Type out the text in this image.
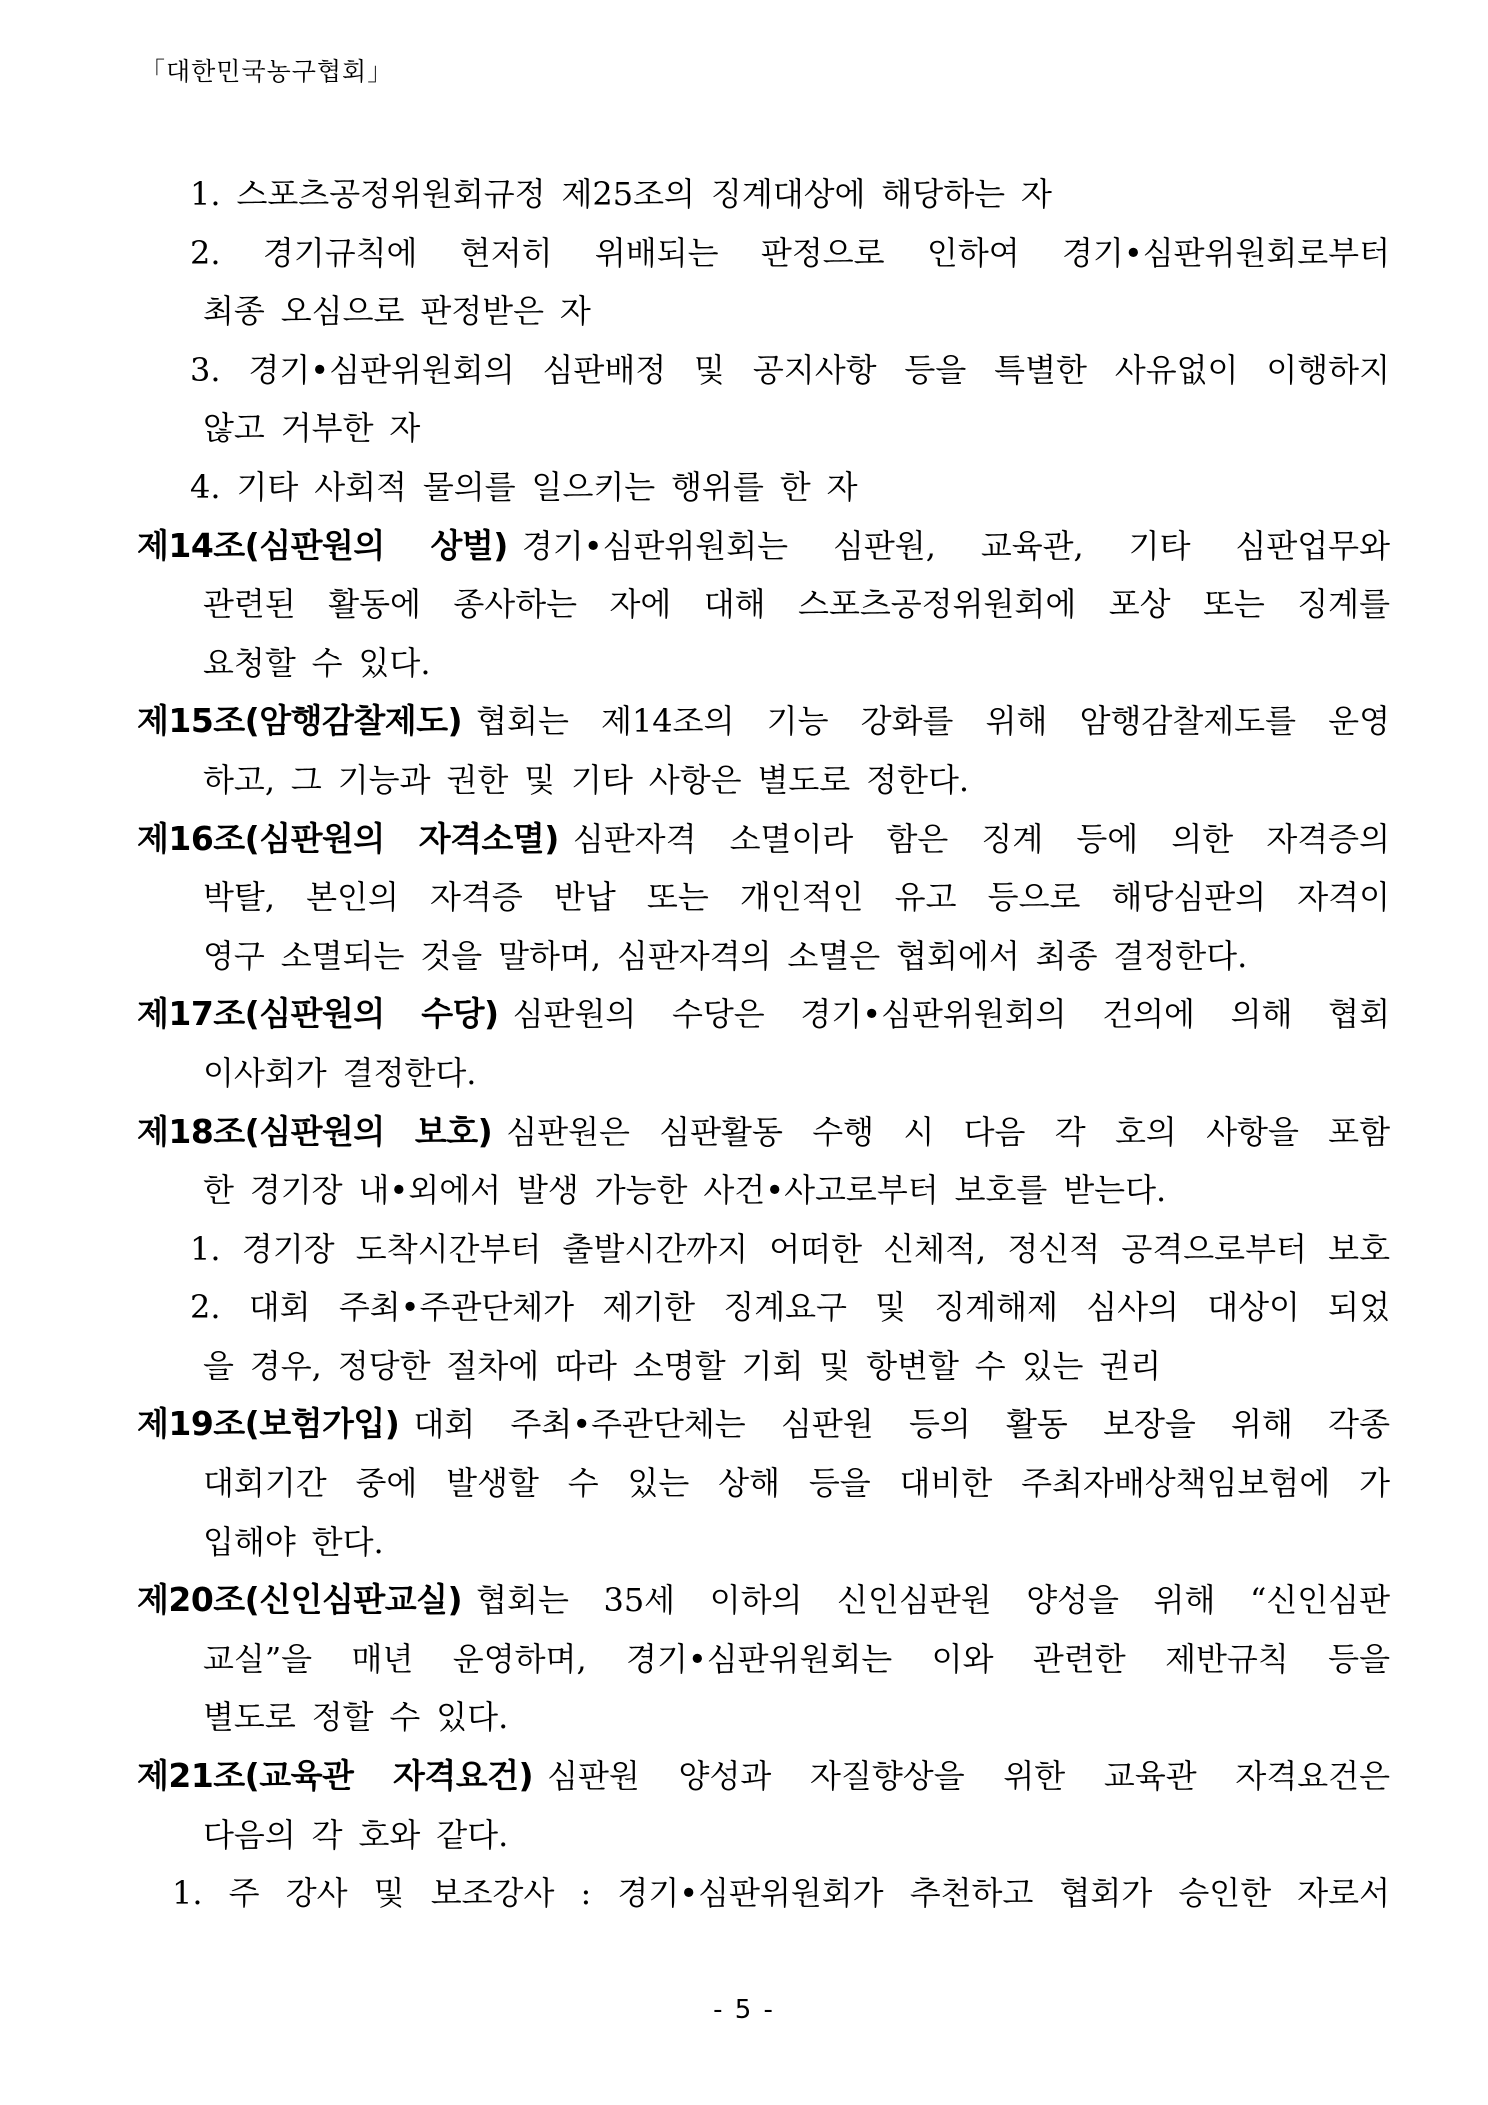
「대한민국농구협회」
1. 스포츠공정위원회규정 제25조의 징계대상에 해당하는 자
2. 경기규칙에 현저히 위배되는 판정으로 인하여 경기•심판위원회로부터
최종 오심으로 판정받은 자
3. 경기•심판위원회의 심판배정 및 공지사항 등을 특별한 사유없이 이행하지
않고 거부한 자
4. 기타 사회적 물의를 일으키는 행위를 한 자
제14조(심판원의 상벌) 경기•심판위원회는 심판원, 교육관, 기타 심판업무와
관련된 활동에 종사하는 자에 대해 스포츠공정위원회에 포상 또는 징계를
요청할 수 있다.
제15조(암행감찰제도) 협회는 제14조의 기능 강화를 위해 암행감찰제도를 운영
하고, 그 기능과 권한 및 기타 사항은 별도로 정한다.
제16조(심판원의 자격소멸) 심판자격 소멸이라 함은 징계 등에 의한 자격증의
박탈, 본인의 자격증 반납 또는 개인적인 유고 등으로 해당심판의 자격이
영구 소멸되는 것을 말하며, 심판자격의 소멸은 협회에서 최종 결정한다.
제17조(심판원의 수당) 심판원의 수당은 경기•심판위원회의 건의에 의해 협회
이사회가 결정한다.
제18조(심판원의 보호) 심판원은 심판활동 수행 시 다음 각 호의 사항을 포함
한 경기장 내•외에서 발생 가능한 사건•사고로부터 보호를 받는다.
1. 경기장 도착시간부터 출발시간까지 어떠한 신체적, 정신적 공격으로부터 보호
2. 대회 주최•주관단체가 제기한 징계요구 및 징계해제 심사의 대상이 되었
을 경우, 정당한 절차에 따라 소명할 기회 및 항변할 수 있는 권리
제19조(보험가입) 대회 주최•주관단체는 심판원 등의 활동 보장을 위해 각종
대회기간 중에 발생할 수 있는 상해 등을 대비한 주최자배상책임보험에 가
입해야 한다.
제20조(신인심판교실) 협회는 35세 이하의 신인심판원 양성을 위해 “신인심판
교실”을 매년 운영하며, 경기•심판위원회는 이와 관련한 제반규칙 등을
별도로 정할 수 있다.
제21조(교육관 자격요건) 심판원 양성과 자질향상을 위한 교육관 자격요건은
다음의 각 호와 같다.
1. 주 강사 및 보조강사 : 경기•심판위원회가 추천하고 협회가 승인한 자로서
- 5 -
